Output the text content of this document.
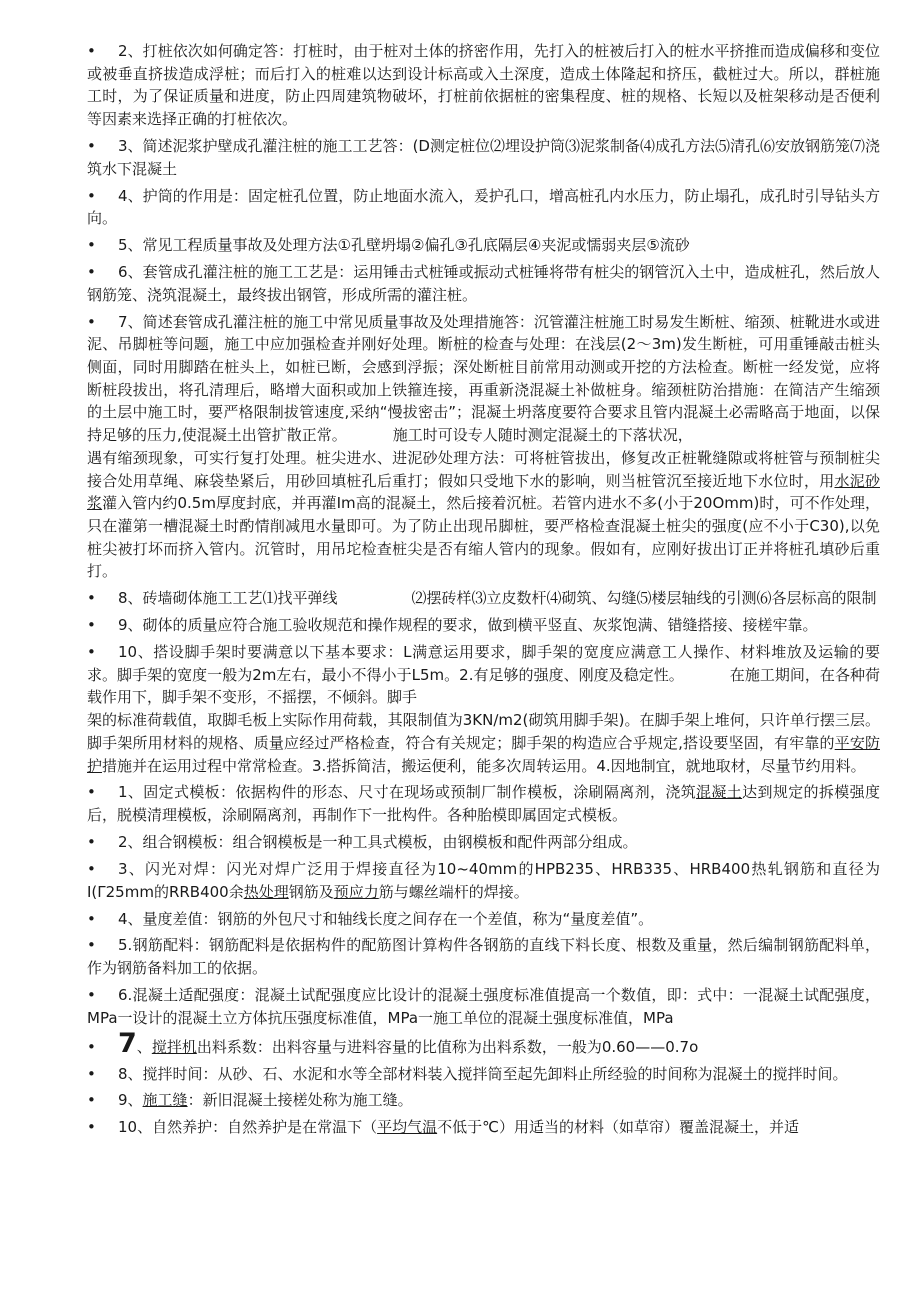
• 2、打桩依次如何确定答：打桩时，由于桩对土体的挤密作用，先打入的桩被后打入的桩水平挤推而造成偏移和变位或被垂直挤拔造成浮桩；而后打入的桩难以达到设计标高或入土深度，造成土体隆起和挤压，截桩过大。所以，群桩施工时，为了保证质量和进度，防止四周建筑物破坏，打桩前依据桩的密集程度、桩的规格、长短以及桩架移动是否便利等因素来选择正确的打桩依次。

• 3、简述泥浆护壁成孔灌注桩的施工工艺答：(D测定桩位⑵埋设护筒⑶泥浆制备⑷成孔方法⑸清孔⑹安放钢筋笼⑺浇筑水下混凝土

• 4、护筒的作用是：固定桩孔位置，防止地面水流入，爰护孔口，增高桩孔内水压力，防止塌孔，成孔时引导钻头方向。

• 5、常见工程质量事故及处理方法①孔壁坍塌②偏孔③孔底隔层④夹泥或懦弱夹层⑤流砂

• 6、套管成孔灌注桩的施工工艺是：运用锤击式桩锤或振动式桩锤将带有桩尖的钢管沉入土中，造成桩孔，然后放人钢筋笼、浇筑混凝土，最终拔出钢管，形成所需的灌注桩。

• 7、简述套管成孔灌注桩的施工中常见质量事故及处理措施答：沉管灌注桩施工时易发生断桩、缩颈、桩靴进水或进泥、吊脚桩等问题，施工中应加强检查并刚好处理。断桩的检查与处理：在浅层(2～3m)发生断桩，可用重锤敲击桩头侧面，同时用脚踏在桩头上，如桩已断，会感到浮振；深处断桩目前常用动测或开挖的方法检查。断桩一经发觉，应将断桩段拔出，将孔清理后，略增大面积或加上铁箍连接，再重新浇混凝土补做桩身。缩颈桩防治措施：在简洁产生缩颈的土层中施工时，要严格限制拔管速度,采纳“慢拔密击”；混凝土坍落度要符合要求且管内混凝土必需略高于地面，以保持足够的压力,使混凝土出管扩散正常。	施工时可设专人随时测定混凝土的下落状况，

遇有缩颈现象，可实行复打处理。桩尖进水、进泥砂处理方法：可将桩管拔出，修复改正桩靴缝隙或将桩管与预制桩尖接合处用草绳、麻袋垫紧后，用砂回填桩孔后重打；假如只受地下水的影响，则当桩管沉至接近地下水位时，用水泥砂浆灌入管内约0.5m厚度封底，并再灌Im高的混凝土，然后接着沉桩。若管内进水不多(小于20Omm)时，可不作处理，只在灌第一槽混凝土时酌情削减甩水量即可。为了防止出现吊脚桩，要严格检查混凝土桩尖的强度(应不小于C30),以免桩尖被打坏而挤入管内。沉管时，用吊坨检查桩尖是否有缩人管内的现象。假如有，应刚好拔出订正并将桩孔填砂后重打。

• 8、砖墙砌体施工工艺⑴找平弹线	⑵摆砖样⑶立皮数杆⑷砌筑、勾缝⑸楼层轴线的引测⑹各层标高的限制

• 9、砌体的质量应符合施工验收规范和操作规程的要求，做到横平竖直、灰浆饱满、错缝搭接、接槎牢靠。

• 10、搭设脚手架时要满意以下基本要求：L满意运用要求，脚手架的宽度应满意工人操作、材料堆放及运输的要求。脚手架的宽度一般为2m左右，最小不得小于L5m。2.有足够的强度、刚度及稳定性。	在施工期间，在各种荷载作用下，脚手架不变形，不摇摆，不倾斜。脚手

架的标准荷载值，取脚毛板上实际作用荷载，其限制值为3KN∕m2(砌筑用脚手架)。在脚手架上堆何，只许单行摆三层。脚手架所用材料的规格、质量应经过严格检查，符合有关规定；脚手架的构造应合乎规定,搭设要坚固，有牢靠的平安防护措施并在运用过程中常常检查。3.搭拆简洁，搬运便利，能多次周转运用。4.因地制宜，就地取材，尽量节约用料。

• 1、固定式模板：依据构件的形态、尺寸在现场或预制厂制作模板，涂刷隔离剂，浇筑混凝土达到规定的拆模强度后，脱模清理模板，涂刷隔离剂，再制作下一批构件。各种胎模即属固定式模板。

• 2、组合钢模板：组合钢模板是一种工具式模板，由钢模板和配件两部分组成。

• 3、闪光对焊：闪光对焊广泛用于焊接直径为10~40mm的HPB235、HRB335、HRB400热轧钢筋和直径为Ι(Γ25mm的RRB400余热处理钢筋及预应力筋与螺丝端杆的焊接。

• 4、量度差值：钢筋的外包尺寸和轴线长度之间存在一个差值，称为“量度差值”。

• 5.钢筋配料：钢筋配料是依据构件的配筋图计算构件各钢筋的直线下料长度、根数及重量，然后编制钢筋配料单，作为钢筋备料加工的依据。

• 6.混凝土适配强度：混凝土试配强度应比设计的混凝土强度标准值提高一个数值，即：式中：一混凝土试配强度，MPa一设计的混凝土立方体抗压强度标准值，MPa一施工单位的混凝土强度标准值，MPa

• 7、搅拌机出料系数：出料容量与进料容量的比值称为出料系数，一般为0.60——0.7o

• 8、搅拌时间：从砂、石、水泥和水等全部材料装入搅拌筒至起先卸料止所经验的时间称为混凝土的搅拌时间。

• 9、施工缝：新旧混凝土接槎处称为施工缝。

• 10、自然养护：自然养护是在常温下（平均气温不低于℃）用适当的材料（如草帘）覆盖混凝土，并适
